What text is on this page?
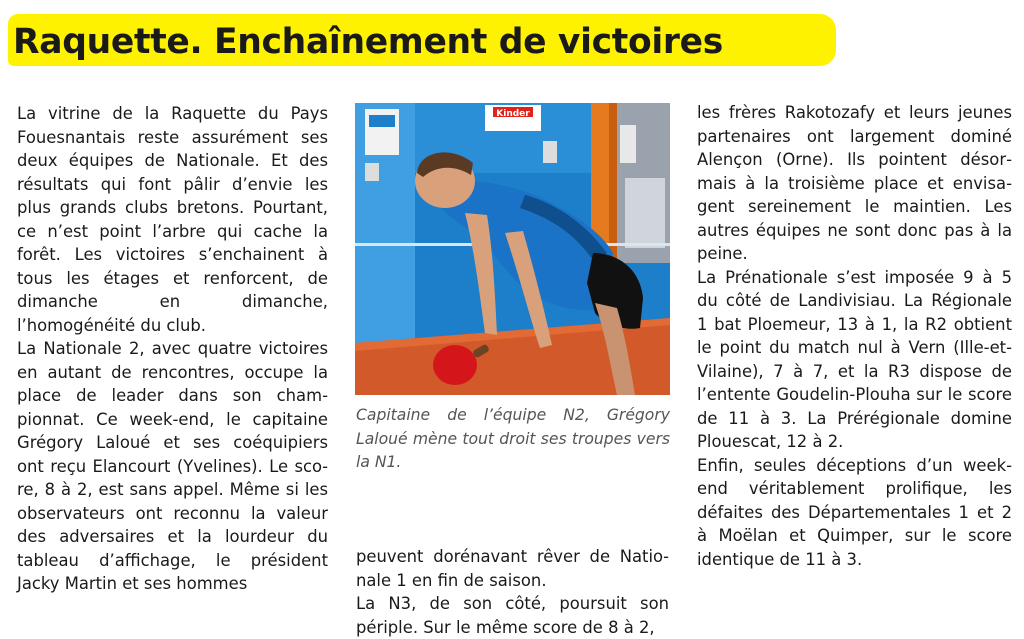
Raquette. Enchaînement de victoires

La vitrine de la Raquette du Pays Fouesnantais reste assurément ses deux équipes de Nationale. Et des résultats qui font pâlir d’envie les plus grands clubs bretons. Pourtant, ce n’est point l’arbre qui cache la forêt. Les victoires s’enchainent à tous les étages et renforcent, de dimanche en dimanche, l’homogénéité du club.

La Nationale 2, avec quatre victoires en autant de rencontres, occupe la place de leader dans son championnat. Ce week-end, le capitaine Grégory Laloué et ses coéquipiers ont reçu Elancourt (Yvelines). Le score, 8 à 2, est sans appel. Même si les observateurs ont reconnu la valeur des adversaires et la lourdeur du tableau d’affichage, le président Jacky Martin et ses hommes

Kinder

Capitaine de l’équipe N2, Grégory Laloué mène tout droit ses troupes vers la N1.

peuvent dorénavant rêver de Nationale 1 en fin de saison.

La N3, de son côté, poursuit son périple. Sur le même score de 8 à 2,

les frères Rakotozafy et leurs jeunes partenaires ont largement dominé Alençon (Orne). Ils pointent désormais à la troisième place et envisagent sereinement le maintien. Les autres équipes ne sont donc pas à la peine.

La Prénationale s’est imposée 9 à 5 du côté de Landivisiau. La Régionale 1 bat Ploemeur, 13 à 1, la R2 obtient le point du match nul à Vern (Ille-et-Vilaine), 7 à 7, et la R3 dispose de l’entente Goudelin-Plouha sur le score de 11 à 3. La Prérégionale domine Plouescat, 12 à 2.

Enfin, seules déceptions d’un week-end véritablement prolifique, les défaites des Départementales 1 et 2 à Moëlan et Quimper, sur le score identique de 11 à 3.
